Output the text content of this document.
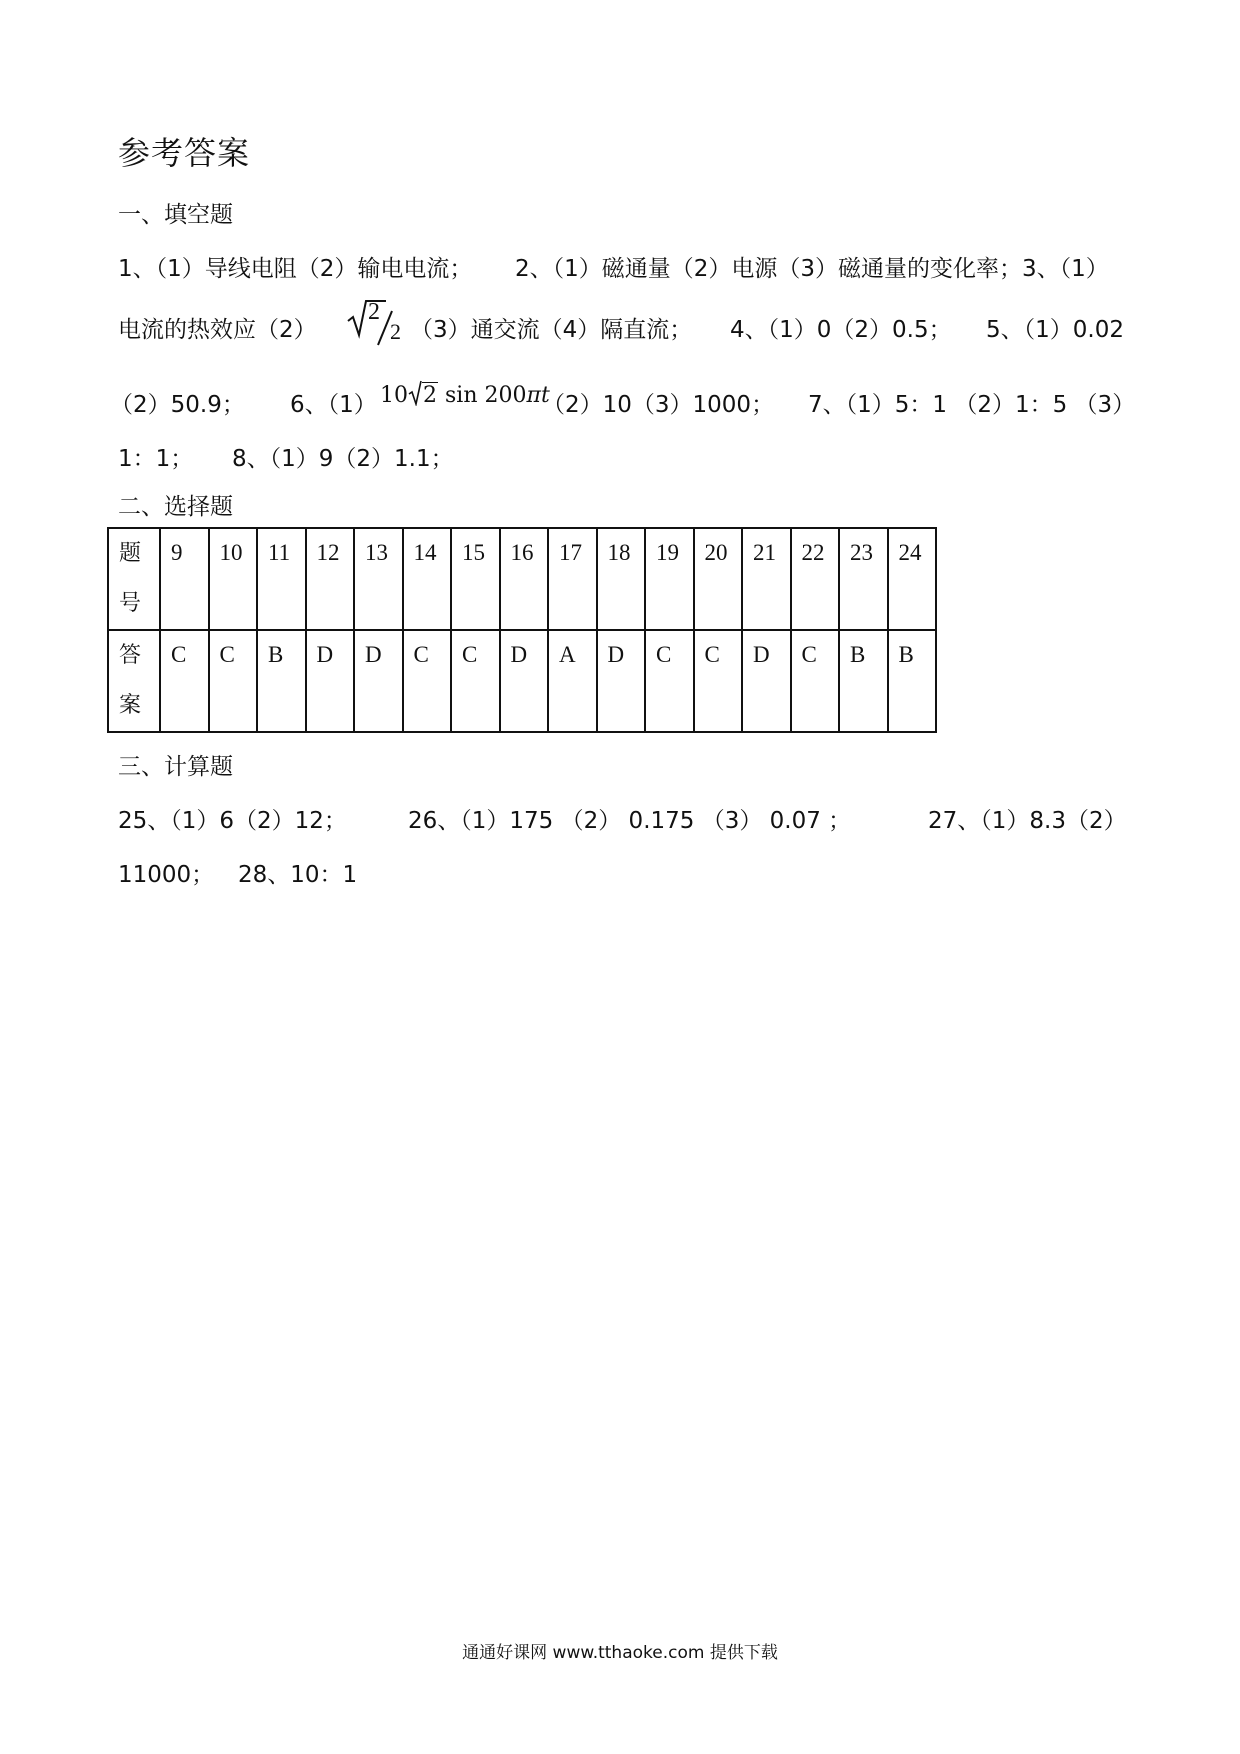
参考答案
一、填空题
1、（1）导线电阻（2）输电电流； 2、（1）磁通量（2）电源（3）磁通量的变化率；3、（1）
电流的热效应（2）
2
2 （3）通交流（4）隔直流； 4、（1）0（2）0.5； 5、（1）0.02
（2）50.9； 6、（1） 10 2 sin 200πt
（2）10（3）1000； 7、（1）5：1 （2）1：5 （3）
1：1； 8、（1）9（2）1.1；
二、选择题
题
号	9	10	11	12	13	14	15	16	17	18	19	20	21	22	23	24
答
案	C	C	B	D	D	C	C	D	A	D	C	C	D	C	B	B
三、计算题
25、（1）6（2）12；	26、（1）175 （2） 0.175 （3） 0.07 ；	27、（1）8.3（2）
11000； 28、10：1
通通好课网 www.tthaoke.com 提供下载
